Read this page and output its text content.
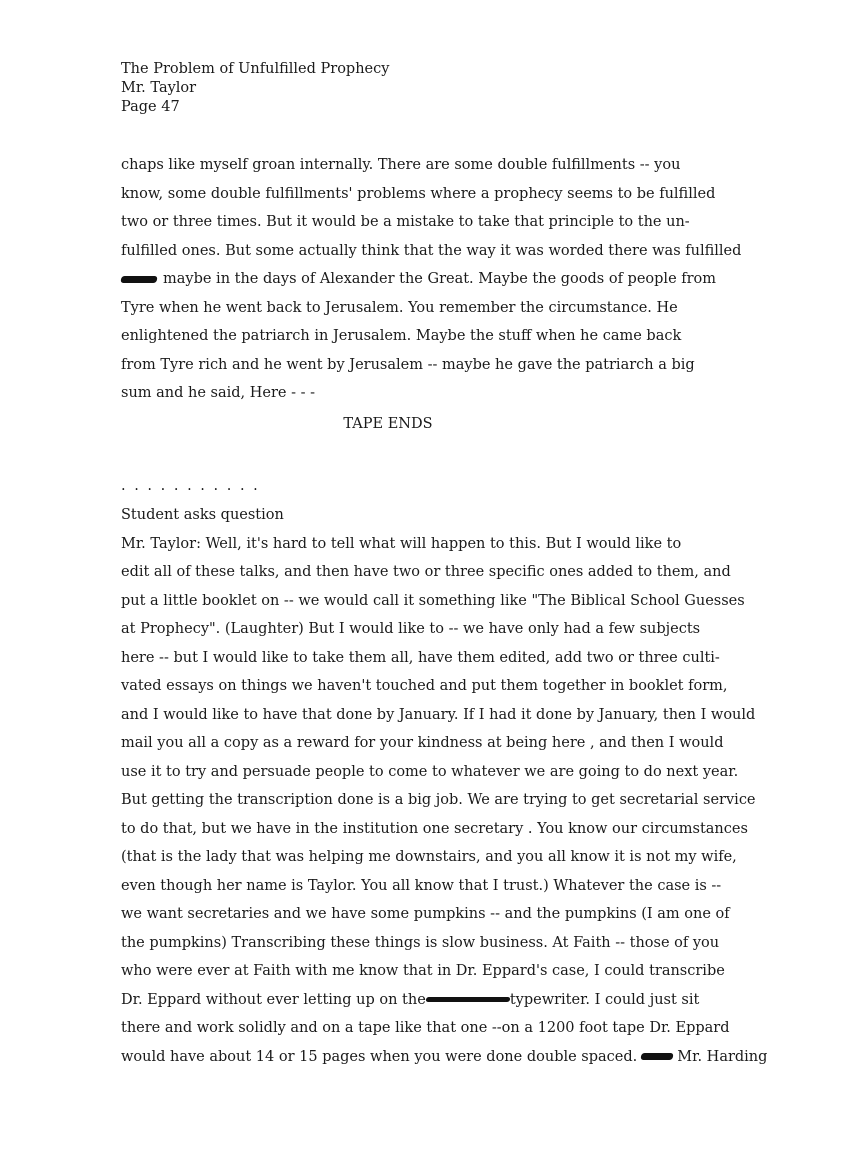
The Problem of Unfulfilled Prophecy
Mr. Taylor
Page 47
chaps like myself groan internally. There are some double fulfillments -- you
know, some double fulfillments' problems where a prophecy seems to be fulfilled
two or three times. But it would be a mistake to take that principle to the un-
fulfilled ones. But some actually think that the way it was worded there was fulfilled
maybe in the days of Alexander the Great. Maybe the goods of people from
Tyre when he went back to Jerusalem. You remember the circumstance. He
enlightened the patriarch in Jerusalem. Maybe the stuff when he came back
from Tyre rich and he went by Jerusalem -- maybe he gave the patriarch a big
sum and he said, Here - - -
TAPE ENDS
. . . . . . . . . . .
Student asks question
Mr. Taylor: Well, it's hard to tell what will happen to this. But I would like to
edit all of these talks, and then have two or three specific ones added to them, and
put a little booklet on -- we would call it something like "The Biblical School Guesses
at Prophecy". (Laughter) But I would like to -- we have only had a few subjects
here -- but I would like to take them all, have them edited, add two or three culti-
vated essays on things we haven't touched and put them together in booklet form,
and I would like to have that done by January. If I had it done by January, then I would
mail you all a copy as a reward for your kindness at being here , and then I would
use it to try and persuade people to come to whatever we are going to do next year.
But getting the transcription done is a big job. We are trying to get secretarial service
to do that, but we have in the institution one secretary . You know our circumstances
(that is the lady that was helping me downstairs, and you all know it is not my wife,
even though her name is Taylor. You all know that I trust.) Whatever the case is --
we want secretaries and we have some pumpkins -- and the pumpkins (I am one of
the pumpkins) Transcribing these things is slow business. At Faith -- those of you
who were ever at Faith with me know that in Dr. Eppard's case, I could transcribe
Dr. Eppard without ever letting up on the	typewriter. I could just sit
there and work solidly and on a tape like that one --on a 1200 foot tape Dr. Eppard
would have about 14 or 15 pages when you were done double spaced.	Mr. Harding
